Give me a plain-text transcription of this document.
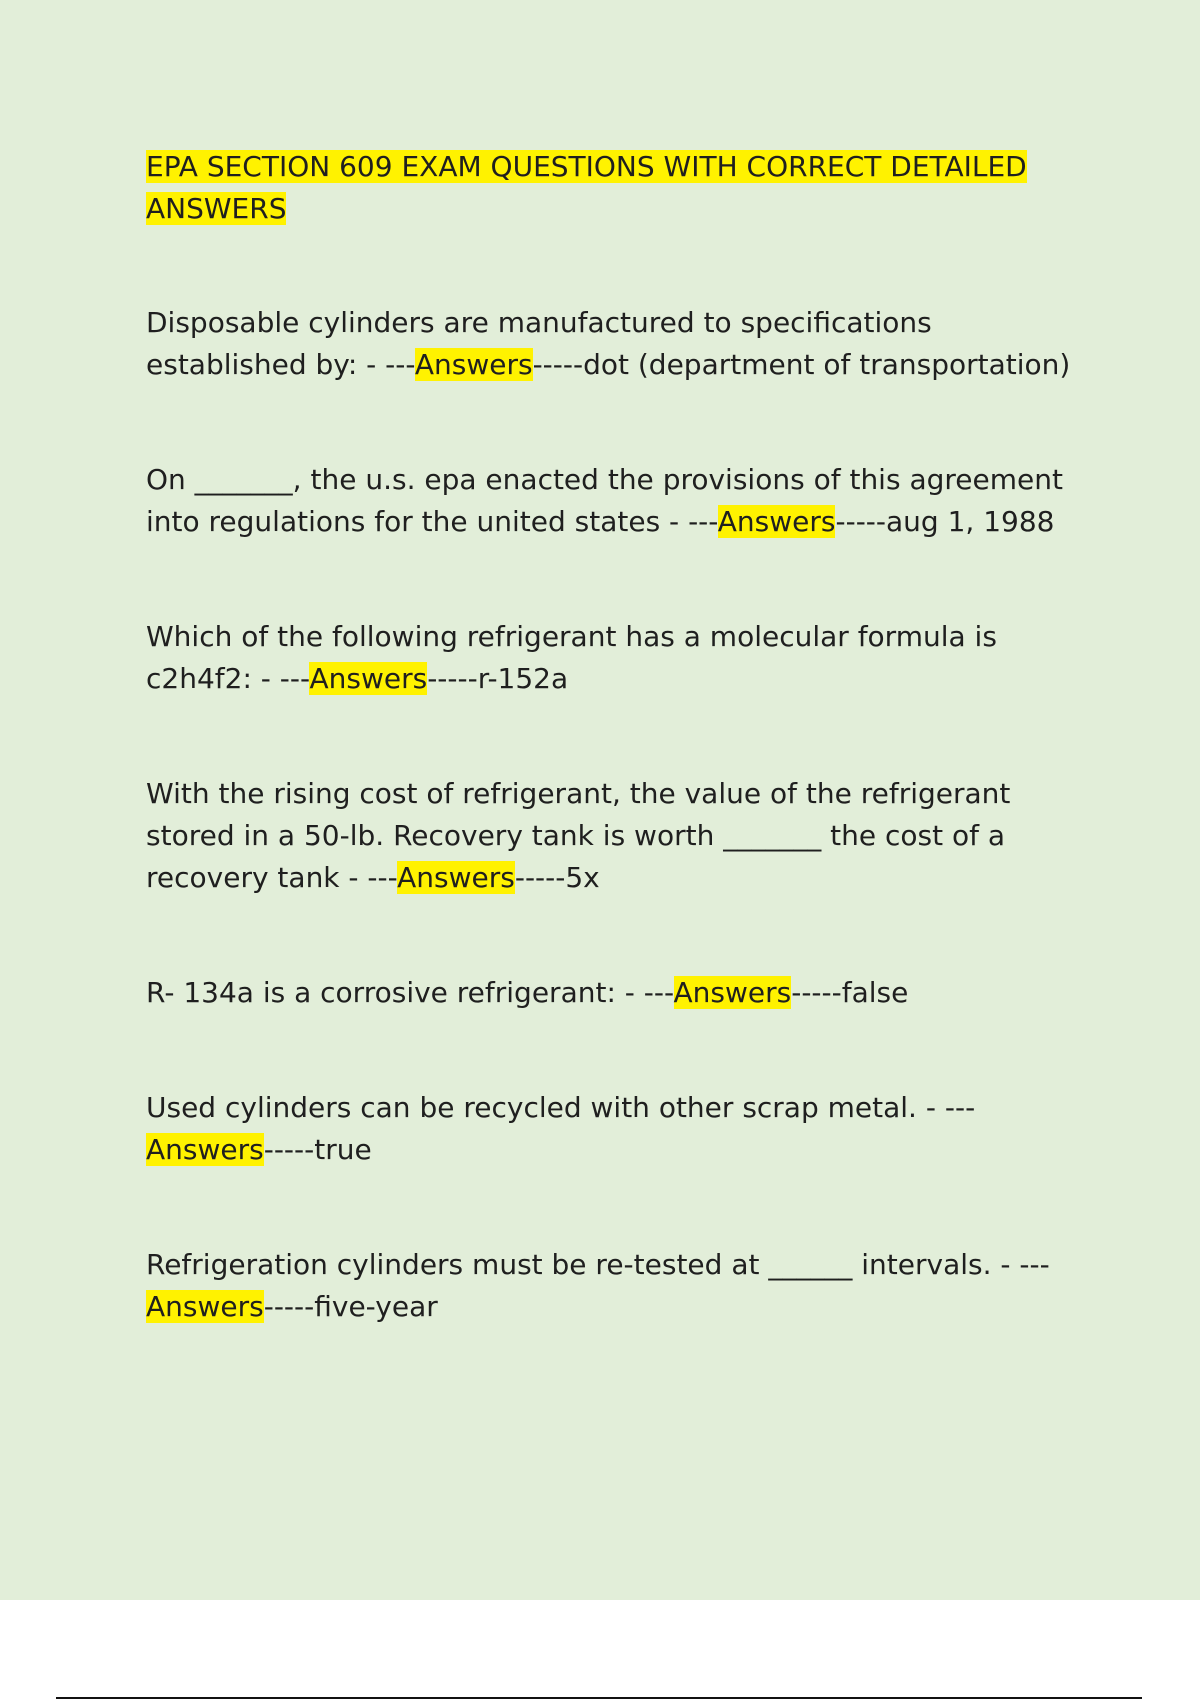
EPA SECTION 609 EXAM QUESTIONS WITH CORRECT DETAILED ANSWERS
Disposable cylinders are manufactured to specifications established by: - ---Answers-----dot (department of transportation)
On _______, the u.s. epa enacted the provisions of this agreement into regulations for the united states - ---Answers-----aug 1, 1988
Which of the following refrigerant has a molecular formula is c2h4f2: - ---Answers-----r-152a
With the rising cost of refrigerant, the value of the refrigerant stored in a 50-lb. Recovery tank is worth _______ the cost of a recovery tank - ---Answers-----5x
R- 134a is a corrosive refrigerant: - ---Answers-----false
Used cylinders can be recycled with other scrap metal. - ---Answers-----true
Refrigeration cylinders must be re-tested at ______ intervals. - ---Answers-----five-year
